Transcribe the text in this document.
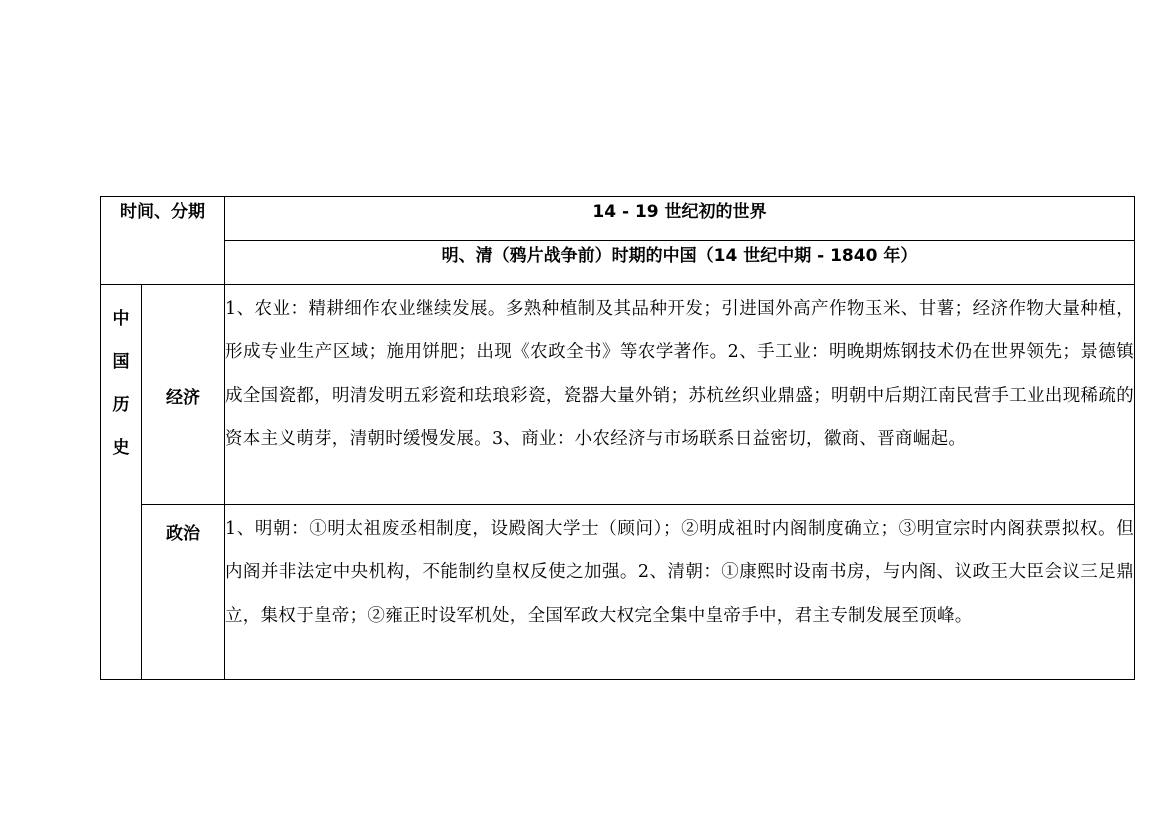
时间、分期		14 - 19 世纪初的世界
		明、清（鸦片战争前）时期的中国（14 世纪中期 - 1840 年）

中
国
历
史	经济	1、农业：精耕细作农业继续发展。多熟种植制及其品种开发；引进国外高产作物玉米、甘薯；经济作物大量种植，形成专业生产区域；施用饼肥；出现《农政全书》等农学著作。2、手工业：明晚期炼钢技术仍在世界领先；景德镇成全国瓷都，明清发明五彩瓷和珐琅彩瓷，瓷器大量外销；苏杭丝织业鼎盛；明朝中后期江南民营手工业出现稀疏的资本主义萌芽，清朝时缓慢发展。3、商业：小农经济与市场联系日益密切，徽商、晋商崛起。

	政治	1、明朝：①明太祖废丞相制度，设殿阁大学士（顾问）；②明成祖时内阁制度确立；③明宣宗时内阁获票拟权。但内阁并非法定中央机构，不能制约皇权反使之加强。2、清朝：①康熙时设南书房，与内阁、议政王大臣会议三足鼎立，集权于皇帝；②雍正时设军机处，全国军政大权完全集中皇帝手中，君主专制发展至顶峰。
